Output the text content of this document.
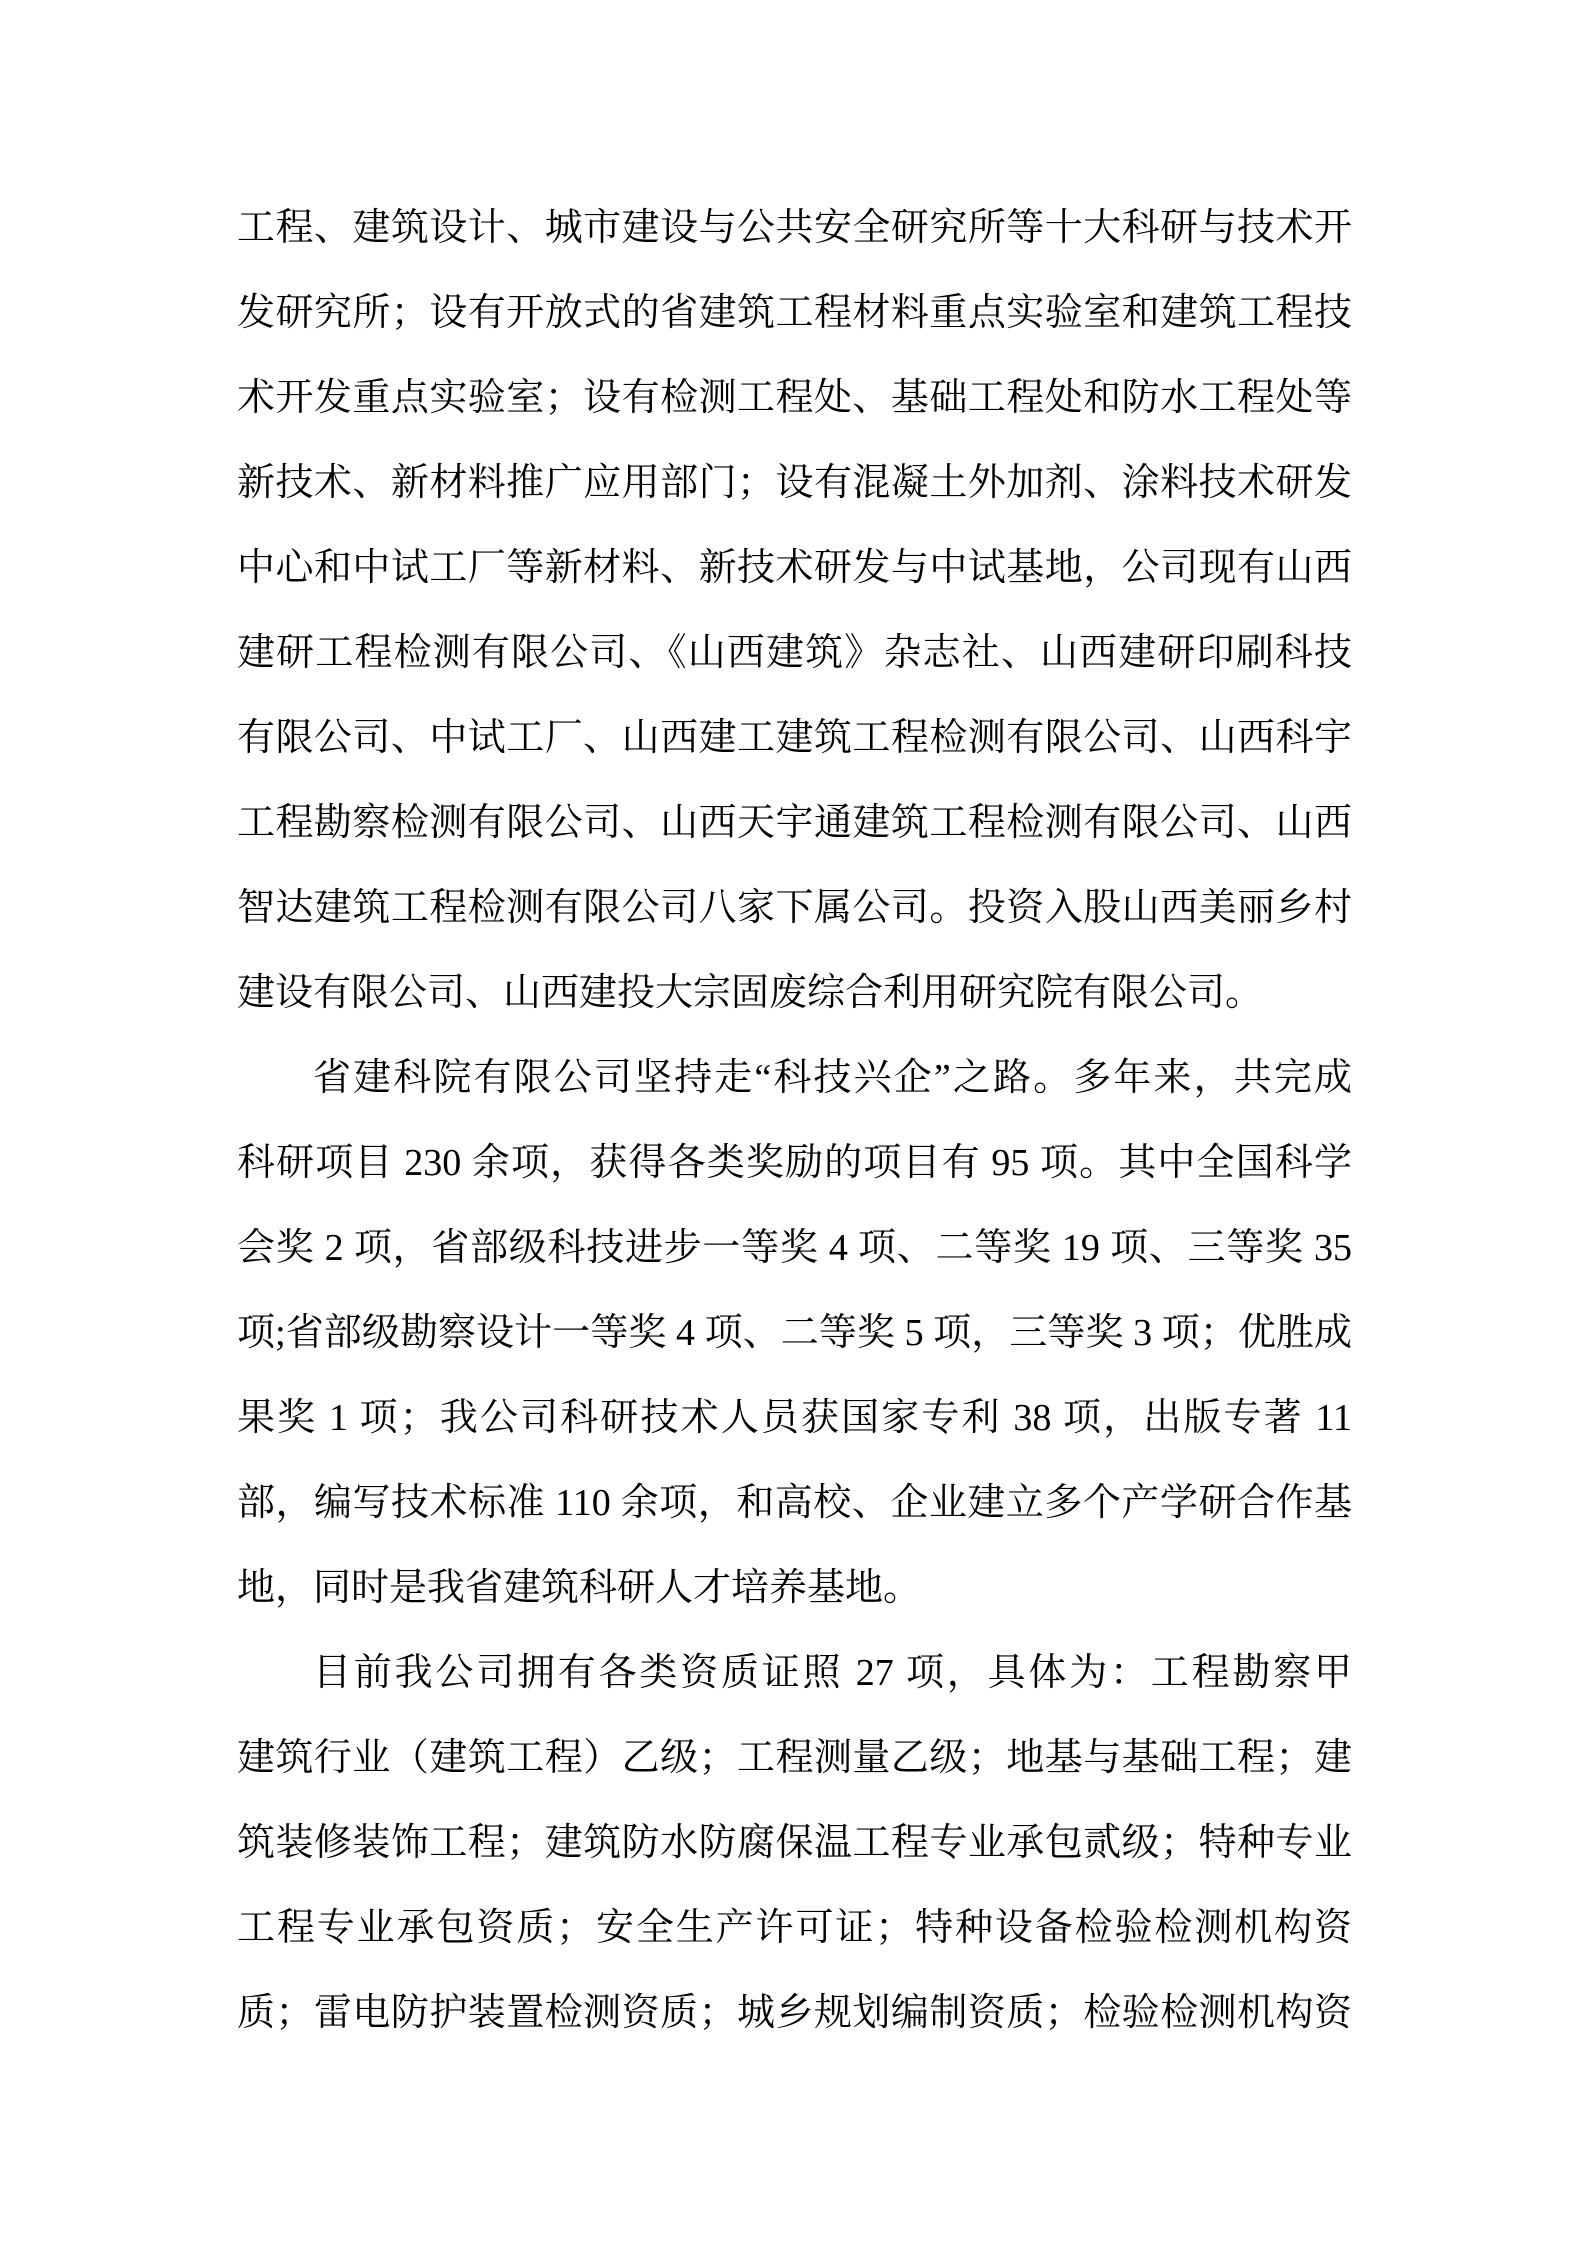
工程、建筑设计、城市建设与公共安全研究所等十大科研与技术开
发研究所；设有开放式的省建筑工程材料重点实验室和建筑工程技
术开发重点实验室；设有检测工程处、基础工程处和防水工程处等
新技术、新材料推广应用部门；设有混凝土外加剂、涂料技术研发
中心和中试工厂等新材料、新技术研发与中试基地，公司现有山西
建研工程检测有限公司、《山西建筑》杂志社、山西建研印刷科技
有限公司、中试工厂、山西建工建筑工程检测有限公司、山西科宇
工程勘察检测有限公司、山西天宇通建筑工程检测有限公司、山西
智达建筑工程检测有限公司八家下属公司。投资入股山西美丽乡村
建设有限公司、山西建投大宗固废综合利用研究院有限公司。
省建科院有限公司坚持走“科技兴企”之路。多年来，共完成
科研项目 230 余项，获得各类奖励的项目有 95 项。其中全国科学
会奖 2 项，省部级科技进步一等奖 4 项、二等奖 19 项、三等奖 35
项;省部级勘察设计一等奖 4 项、二等奖 5 项，三等奖 3 项；优胜成
果奖 1 项；我公司科研技术人员获国家专利 38 项，出版专著 11
部，编写技术标准 110 余项，和高校、企业建立多个产学研合作基
地，同时是我省建筑科研人才培养基地。
目前我公司拥有各类资质证照 27 项，具体为：工程勘察甲
建筑行业（建筑工程）乙级；工程测量乙级；地基与基础工程；建
筑装修装饰工程；建筑防水防腐保温工程专业承包贰级；特种专业
工程专业承包资质；安全生产许可证；特种设备检验检测机构资
质；雷电防护装置检测资质；城乡规划编制资质；检验检测机构资
